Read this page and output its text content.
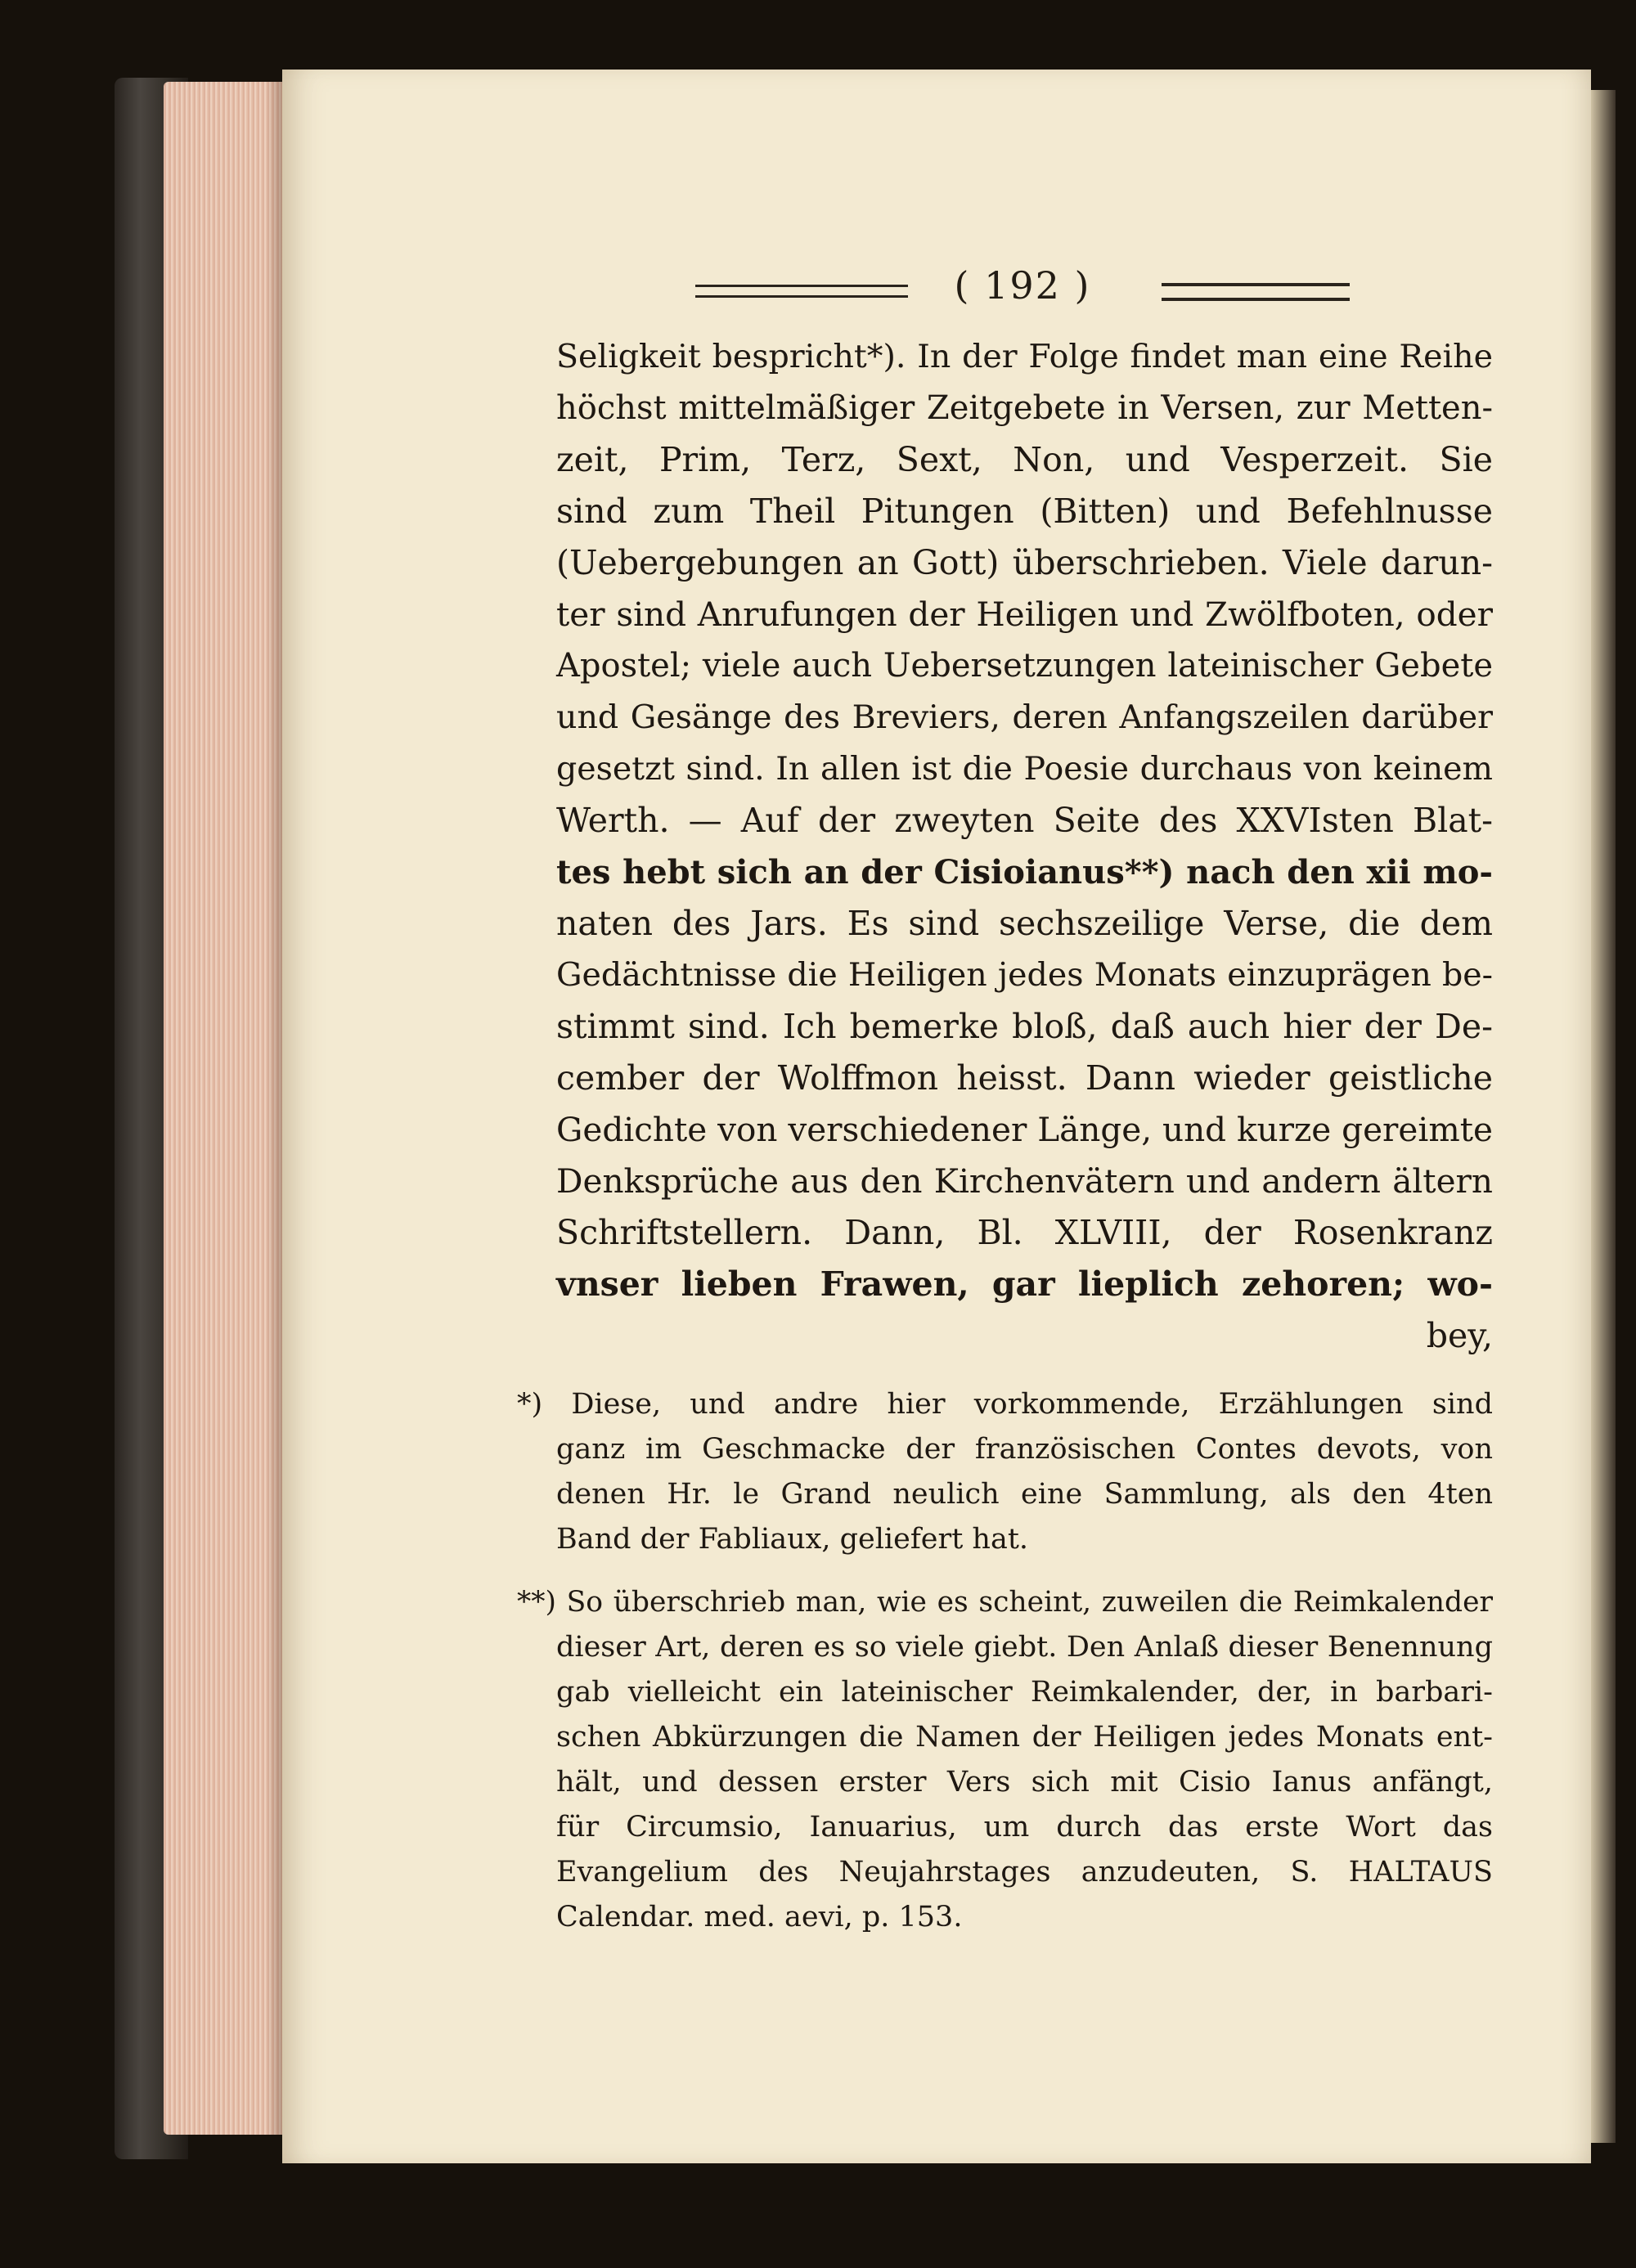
( 192 )
Seligkeit bespricht*). In der Folge findet man eine Reihe
höchst mittelmäßiger Zeitgebete in Versen, zur Metten-
zeit, Prim, Terz, Sext, Non, und Vesperzeit. Sie
sind zum Theil Pitungen (Bitten) und Befehlnusse
(Uebergebungen an Gott) überschrieben. Viele darun-
ter sind Anrufungen der Heiligen und Zwölfboten, oder
Apostel; viele auch Uebersetzungen lateinischer Gebete
und Gesänge des Breviers, deren Anfangszeilen darüber
gesetzt sind. In allen ist die Poesie durchaus von keinem
Werth. — Auf der zweyten Seite des XXVIsten Blat-
tes hebt sich an der Cisioianus**) nach den xii mo-
naten des Jars. Es sind sechszeilige Verse, die dem
Gedächtnisse die Heiligen jedes Monats einzuprägen be-
stimmt sind. Ich bemerke bloß, daß auch hier der De-
cember der Wolffmon heisst. Dann wieder geistliche
Gedichte von verschiedener Länge, und kurze gereimte
Denksprüche aus den Kirchenvätern und andern ältern
Schriftstellern. Dann, Bl. XLVIII, der Rosenkranz
vnser lieben Frawen, gar lieplich zehoren; wo-
bey,
*) Diese, und andre hier vorkommende, Erzählungen sind
ganz im Geschmacke der französischen Contes devots, von
denen Hr. le Grand neulich eine Sammlung, als den 4ten
Band der Fabliaux, geliefert hat.
**) So überschrieb man, wie es scheint, zuweilen die Reimkalender
dieser Art, deren es so viele giebt. Den Anlaß dieser Benennung
gab vielleicht ein lateinischer Reimkalender, der, in barbari-
schen Abkürzungen die Namen der Heiligen jedes Monats ent-
hält, und dessen erster Vers sich mit Cisio Ianus anfängt,
für Circumsio, Ianuarius, um durch das erste Wort das
Evangelium des Neujahrstages anzudeuten, S. HALTAUS
Calendar. med. aevi, p. 153.
